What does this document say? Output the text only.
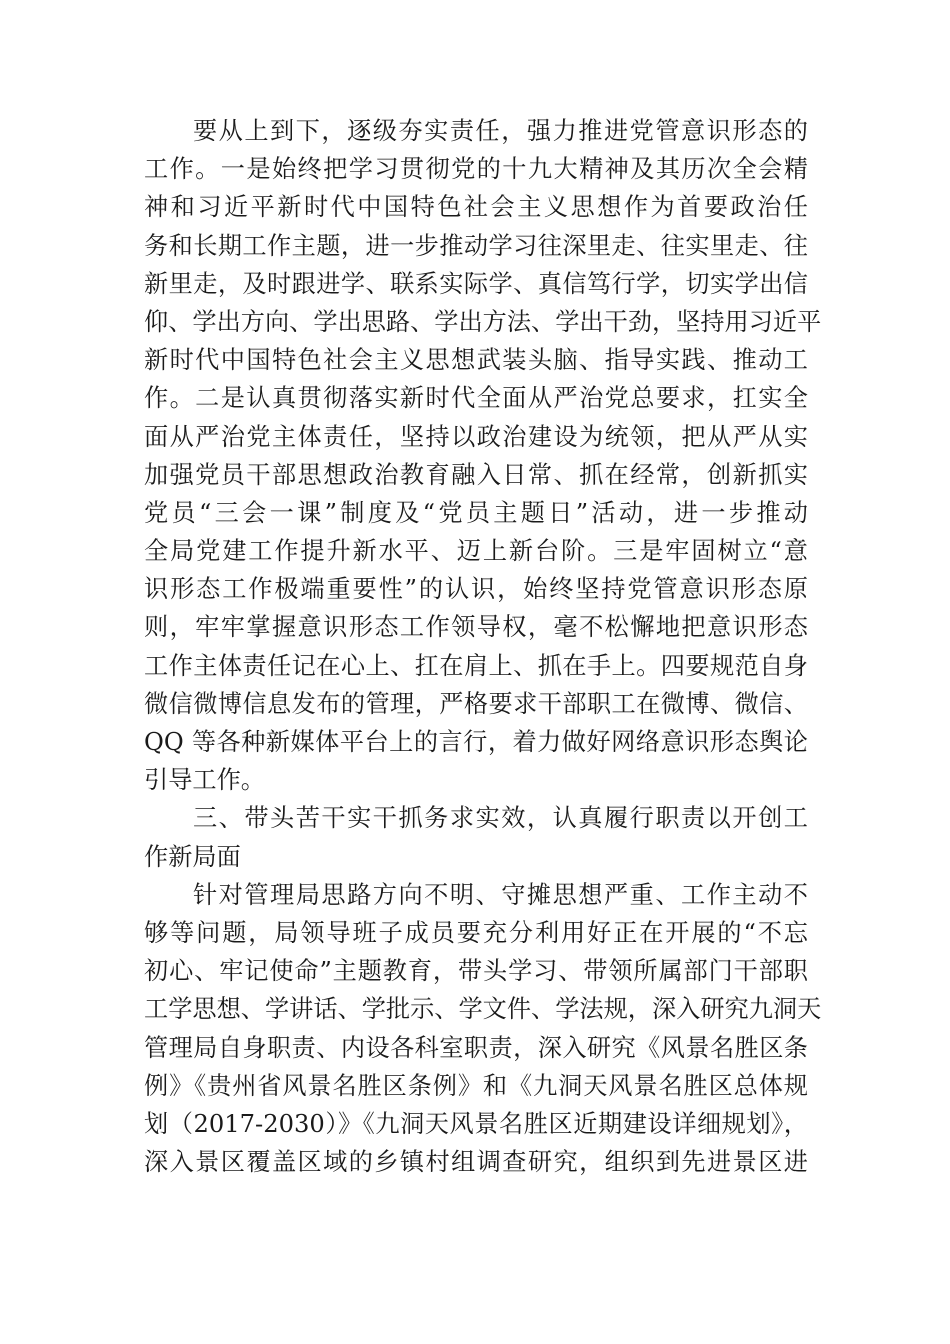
要从上到下，逐级夯实责任，强力推进党管意识形态的
工作。一是始终把学习贯彻党的十九大精神及其历次全会精
神和习近平新时代中国特色社会主义思想作为首要政治任
务和长期工作主题，进一步推动学习往深里走、往实里走、往
新里走，及时跟进学、联系实际学、真信笃行学，切实学出信
仰、学出方向、学出思路、学出方法、学出干劲，坚持用习近平
新时代中国特色社会主义思想武装头脑、指导实践、推动工
作。二是认真贯彻落实新时代全面从严治党总要求，扛实全
面从严治党主体责任，坚持以政治建设为统领，把从严从实
加强党员干部思想政治教育融入日常、抓在经常，创新抓实
党员“三会一课”制度及“党员主题日”活动，进一步推动
全局党建工作提升新水平、迈上新台阶。三是牢固树立“意
识形态工作极端重要性”的认识，始终坚持党管意识形态原
则，牢牢掌握意识形态工作领导权，毫不松懈地把意识形态
工作主体责任记在心上、扛在肩上、抓在手上。四要规范自身
微信微博信息发布的管理，严格要求干部职工在微博、微信、
QQ 等各种新媒体平台上的言行，着力做好网络意识形态舆论
引导工作。
三、带头苦干实干抓务求实效，认真履行职责以开创工
作新局面
针对管理局思路方向不明、守摊思想严重、工作主动不
够等问题，局领导班子成员要充分利用好正在开展的“不忘
初心、牢记使命”主题教育，带头学习、带领所属部门干部职
工学思想、学讲话、学批示、学文件、学法规，深入研究九洞天
管理局自身职责、内设各科室职责，深入研究《风景名胜区条
例》《贵州省风景名胜区条例》和《九洞天风景名胜区总体规
划（2017-2030）》《九洞天风景名胜区近期建设详细规划》，
深入景区覆盖区域的乡镇村组调查研究，组织到先进景区进
